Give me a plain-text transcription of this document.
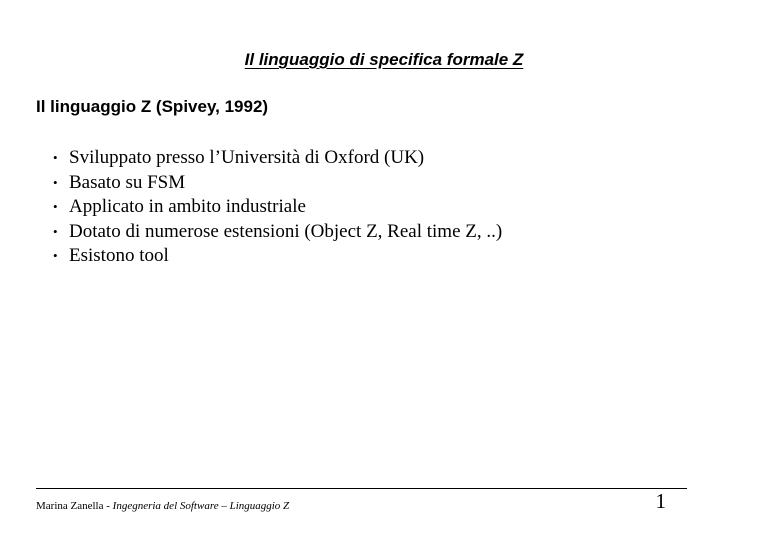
Il linguaggio di specifica formale Z
Il linguaggio Z (Spivey, 1992)
• Sviluppato presso l’Università di Oxford (UK)
• Basato su FSM
• Applicato in ambito industriale
• Dotato di numerose estensioni (Object Z, Real time Z, ..)
• Esistono tool
Marina Zanella - Ingegneria del Software – Linguaggio Z	1
